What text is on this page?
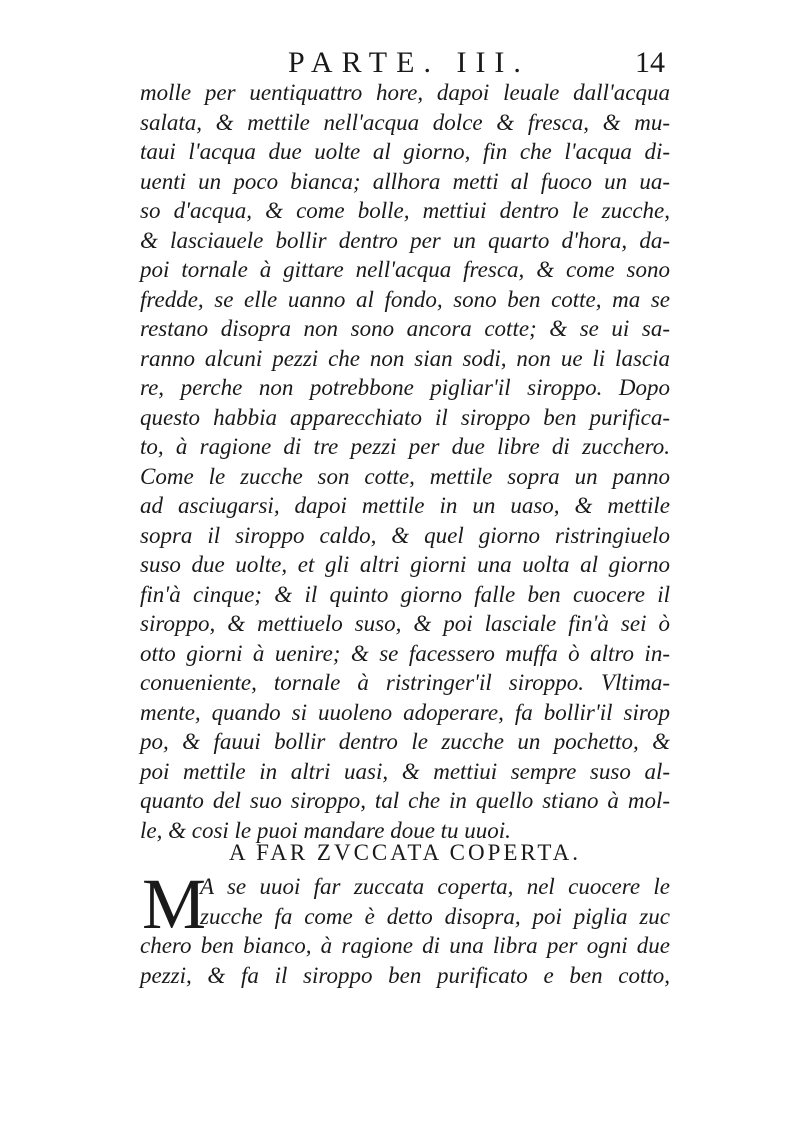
PARTE. III.	14
molle per uentiquattro hore, dapoi leuale dall'acqua
salata, & mettile nell'acqua dolce & fresca, & mu-
taui l'acqua due uolte al giorno, fin che l'acqua di-
uenti un poco bianca; allhora metti al fuoco un ua-
so d'acqua, & come bolle, mettiui dentro le zucche,
& lasciauele bollir dentro per un quarto d'hora, da-
poi tornale à gittare nell'acqua fresca, & come sono
fredde, se elle uanno al fondo, sono ben cotte, ma se
restano disopra non sono ancora cotte; & se ui sa-
ranno alcuni pezzi che non sian sodi, non ue li lascia
re, perche non potrebbone pigliar'il siroppo. Dopo
questo habbia apparecchiato il siroppo ben purifica-
to, à ragione di tre pezzi per due libre di zucchero.
Come le zucche son cotte, mettile sopra un panno
ad asciugarsi, dapoi mettile in un uaso, & mettile
sopra il siroppo caldo, & quel giorno ristringiuelo
suso due uolte, et gli altri giorni una uolta al giorno
fin'à cinque; & il quinto giorno falle ben cuocere il
siroppo, & mettiuelo suso, & poi lasciale fin'à sei ò
otto giorni à uenire; & se facessero muffa ò altro in-
conueniente, tornale à ristringer'il siroppo. Vltima-
mente, quando si uuoleno adoperare, fa bollir'il sirop
po, & fauui bollir dentro le zucche un pochetto, &
poi mettile in altri uasi, & mettiui sempre suso al-
quanto del suo siroppo, tal che in quello stiano à mol-
le, & cosi le puoi mandare doue tu uuoi.
A FAR ZVCCATA COPERTA.
M
A se uuoi far zuccata coperta, nel cuocere le
zucche fa come è detto disopra, poi piglia zuc
chero ben bianco, à ragione di una libra per ogni due
pezzi, & fa il siroppo ben purificato e ben cotto,
